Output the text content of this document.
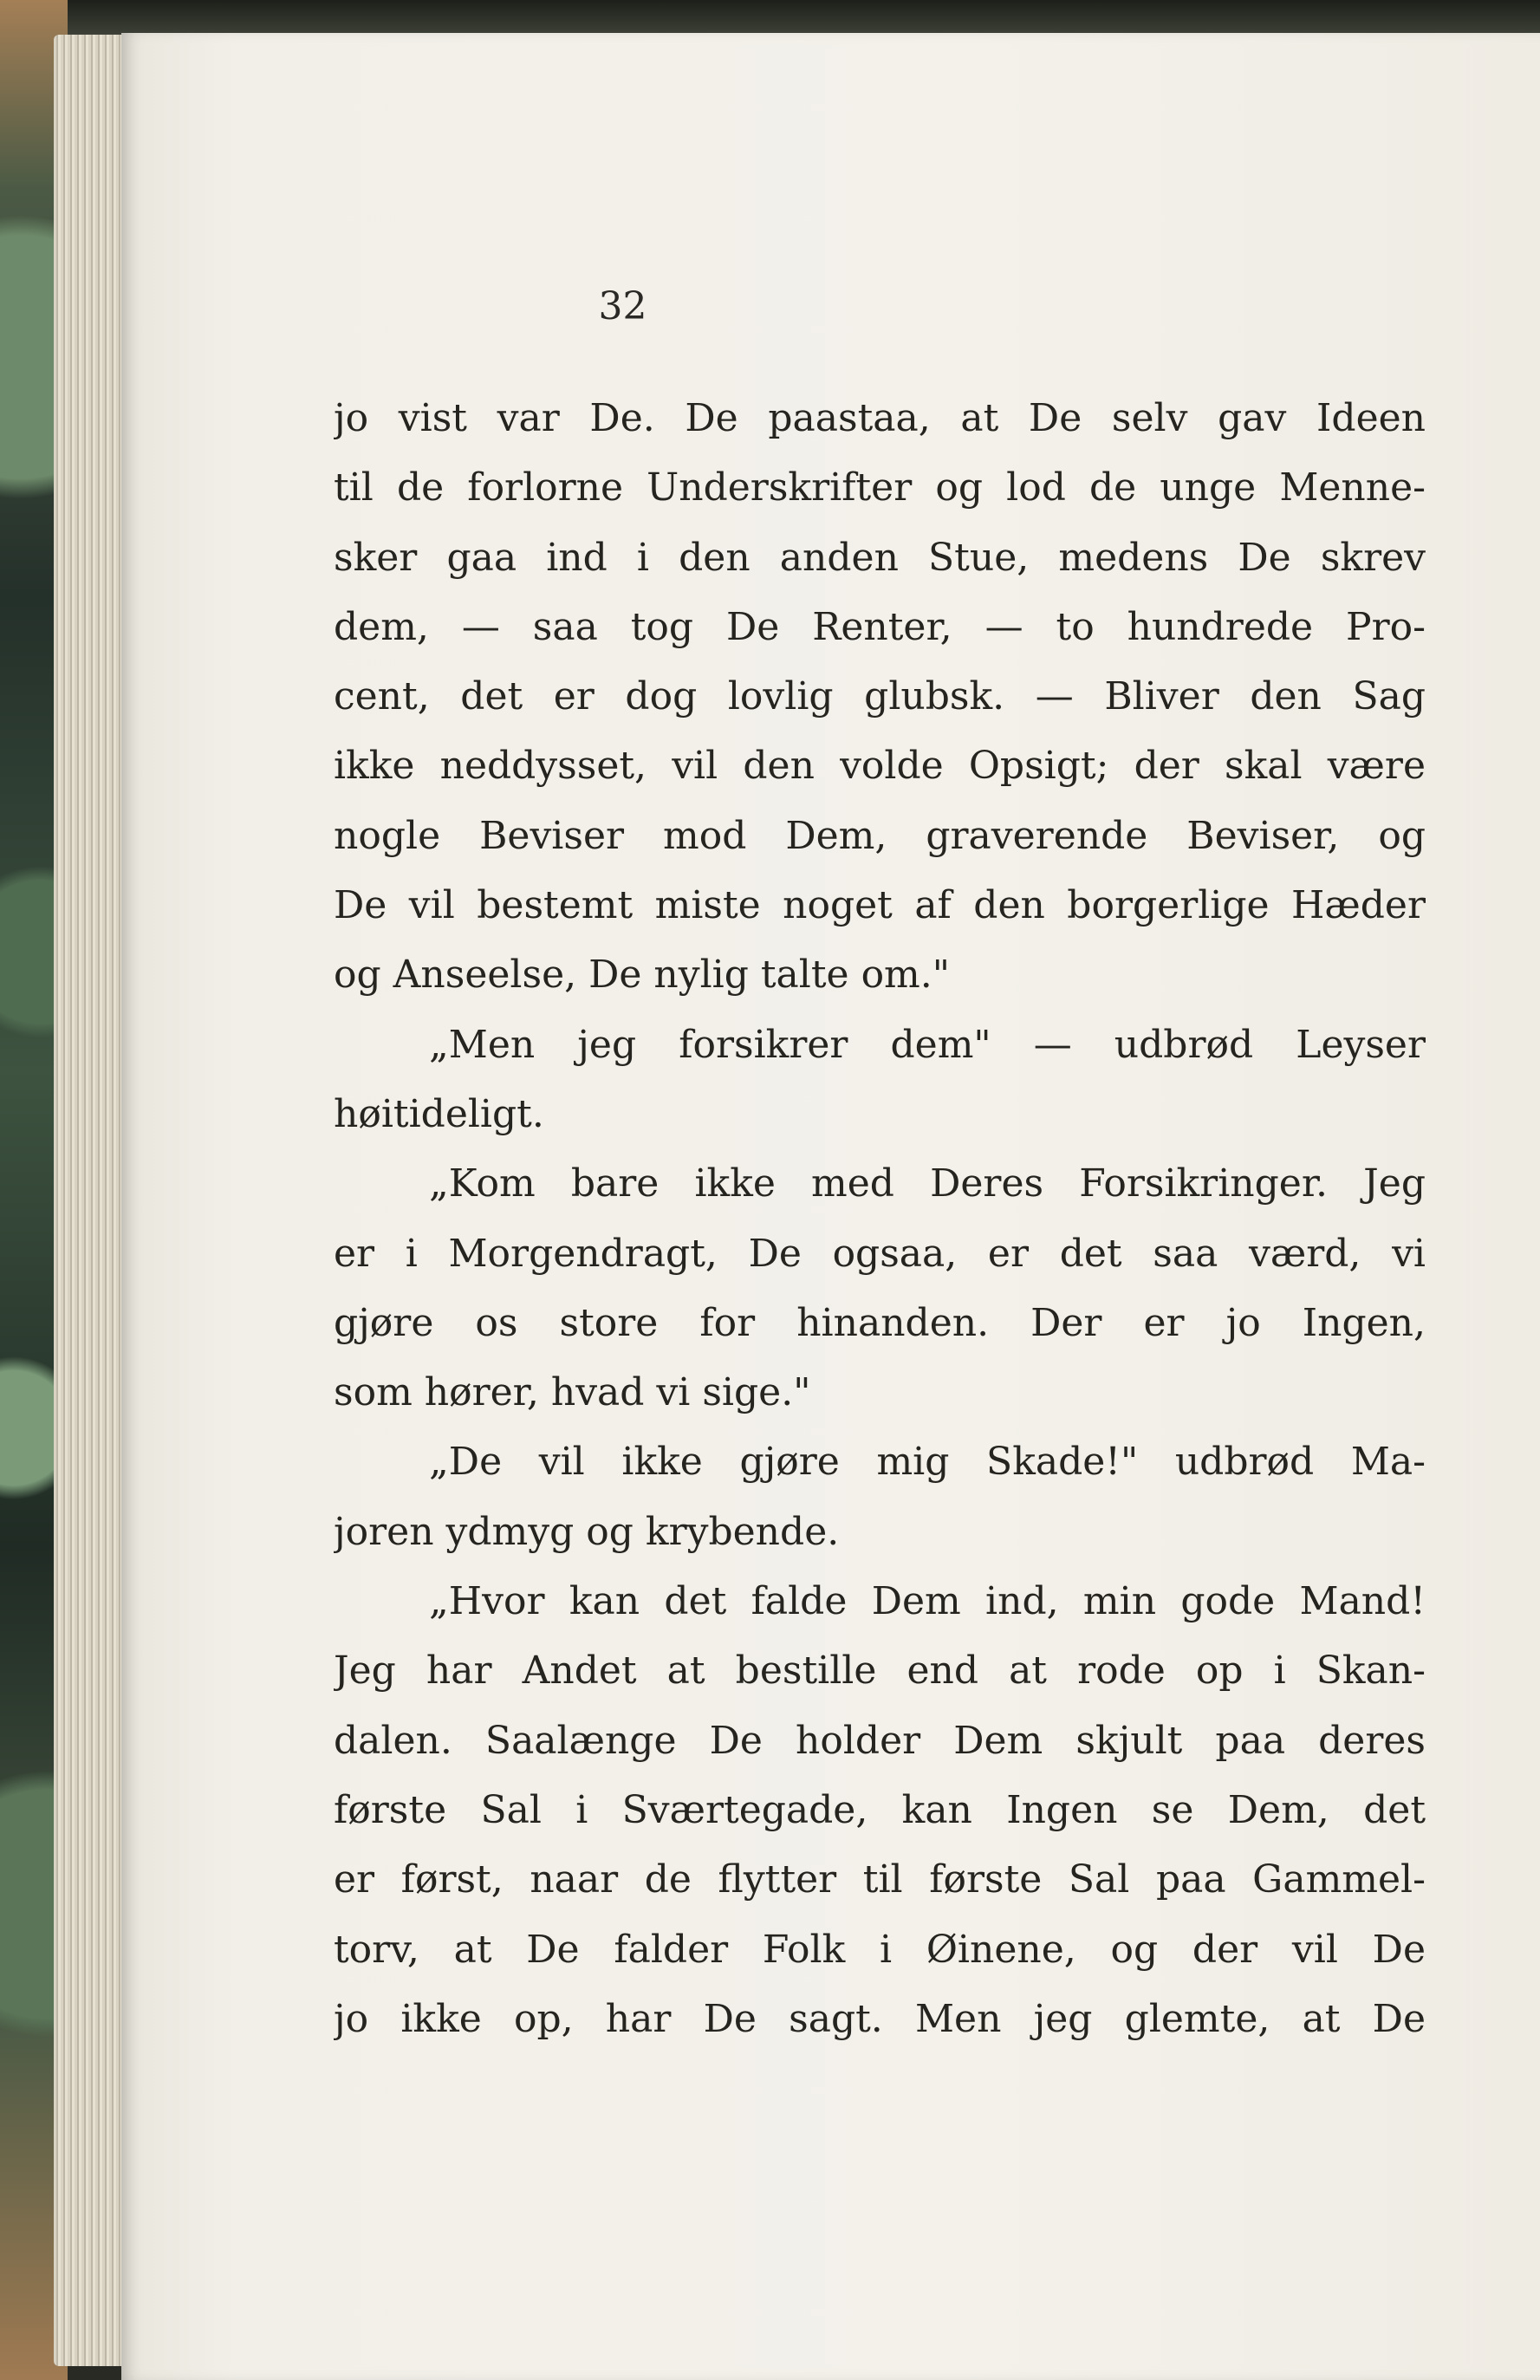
32
jo vist var De. De paastaa, at De selv gav Ideen
til de forlorne Underskrifter og lod de unge Menne-
sker gaa ind i den anden Stue, medens De skrev
dem, — saa tog De Renter, — to hundrede Pro-
cent, det er dog lovlig glubsk. — Bliver den Sag
ikke neddysset, vil den volde Opsigt; der skal være
nogle Beviser mod Dem, graverende Beviser, og
De vil bestemt miste noget af den borgerlige Hæder
og Anseelse, De nylig talte om."
„Men jeg forsikrer dem" — udbrød Leyser
høitideligt.
„Kom bare ikke med Deres Forsikringer. Jeg
er i Morgendragt, De ogsaa, er det saa værd, vi
gjøre os store for hinanden. Der er jo Ingen,
som hører, hvad vi sige."
„De vil ikke gjøre mig Skade!" udbrød Ma-
joren ydmyg og krybende.
„Hvor kan det falde Dem ind, min gode Mand!
Jeg har Andet at bestille end at rode op i Skan-
dalen. Saalænge De holder Dem skjult paa deres
første Sal i Sværtegade, kan Ingen se Dem, det
er først, naar de flytter til første Sal paa Gammel-
torv, at De falder Folk i Øinene, og der vil De
jo ikke op, har De sagt. Men jeg glemte, at De
